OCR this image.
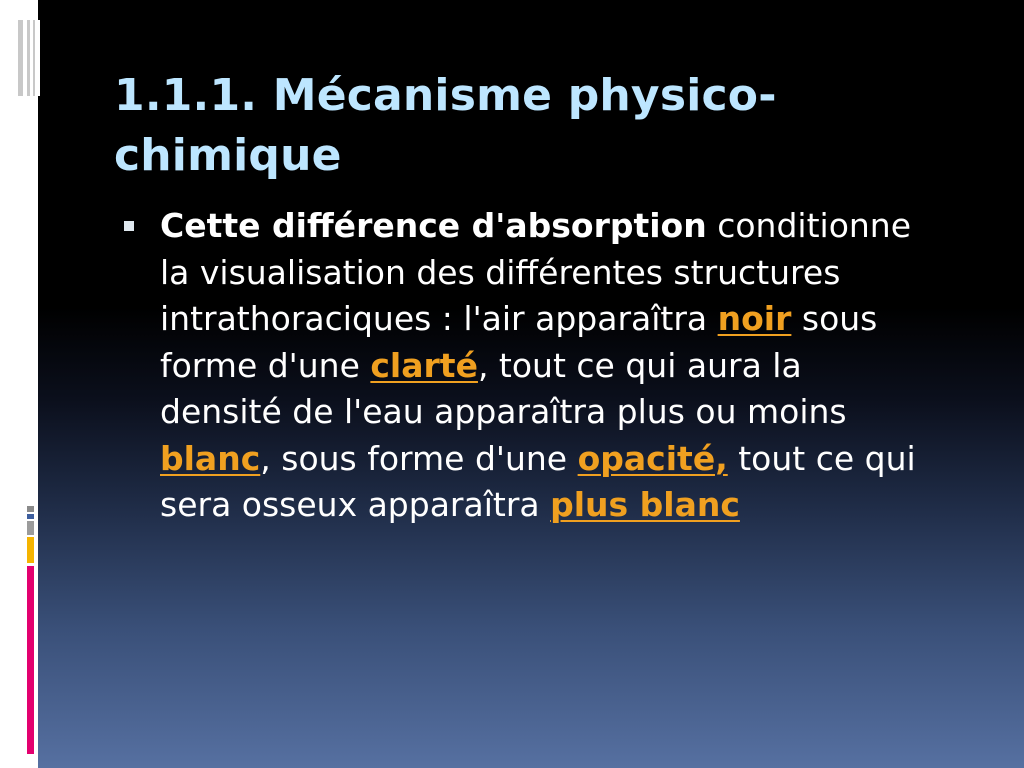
1.1.1. Mécanisme physico-
chimique

Cette différence d'absorption conditionne la visualisation des différentes structures intrathoraciques : l'air apparaîtra noir sous forme d'une clarté, tout ce qui aura la densité de l'eau apparaîtra plus ou moins blanc, sous forme d'une opacité, tout ce qui sera osseux apparaîtra plus blanc
